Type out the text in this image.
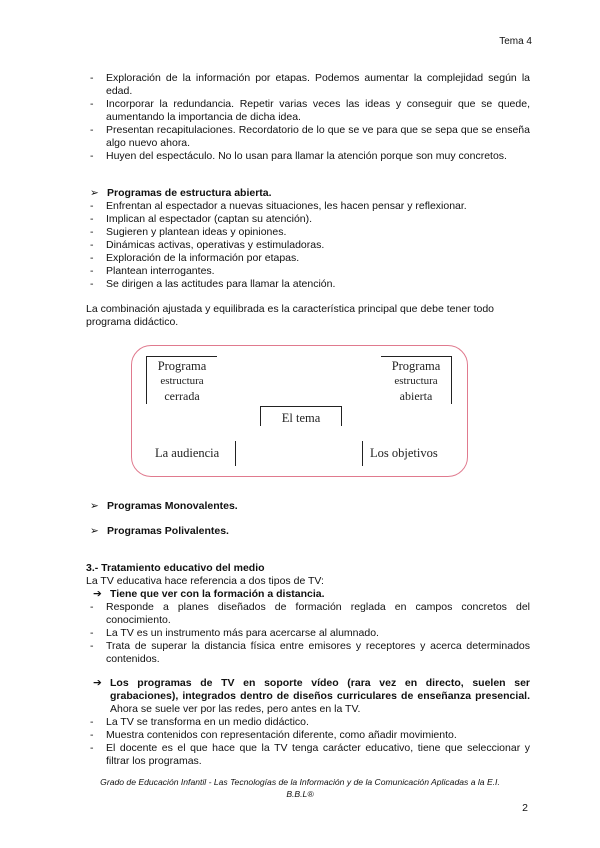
Tema 4
- Exploración de la información por etapas. Podemos aumentar la complejidad según la edad.
- Incorporar la redundancia. Repetir varias veces las ideas y conseguir que se quede, aumentando la importancia de dicha idea.
- Presentan recapitulaciones. Recordatorio de lo que se ve para que se sepa que se enseña algo nuevo ahora.
- Huyen del espectáculo. No lo usan para llamar la atención porque son muy concretos.
➢ Programas de estructura abierta.
- Enfrentan al espectador a nuevas situaciones, les hacen pensar y reflexionar.
- Implican al espectador (captan su atención).
- Sugieren y plantean ideas y opiniones.
- Dinámicas activas, operativas y estimuladoras.
- Exploración de la información por etapas.
- Plantean interrogantes.
- Se dirigen a las actitudes para llamar la atención.
La combinación ajustada y equilibrada es la característica principal que debe tener todo programa didáctico.
Programa
estructura
cerrada
Programa
estructura
abierta
El tema
La audiencia	Los objetivos
➢ Programas Monovalentes.
➢ Programas Polivalentes.
3.- Tratamiento educativo del medio
La TV educativa hace referencia a dos tipos de TV:
➔ Tiene que ver con la formación a distancia.
- Responde a planes diseñados de formación reglada en campos concretos del conocimiento.
- La TV es un instrumento más para acercarse al alumnado.
- Trata de superar la distancia física entre emisores y receptores y acerca determinados contenidos.
➔ Los programas de TV en soporte vídeo (rara vez en directo, suelen ser grabaciones), integrados dentro de diseños curriculares de enseñanza presencial. Ahora se suele ver por las redes, pero antes en la TV.
- La TV se transforma en un medio didáctico.
- Muestra contenidos con representación diferente, como añadir movimiento.
- El docente es el que hace que la TV tenga carácter educativo, tiene que seleccionar y filtrar los programas.
Grado de Educación Infantil - Las Tecnologías de la Información y de la Comunicación Aplicadas a la E.I.
B.B.L®
2
